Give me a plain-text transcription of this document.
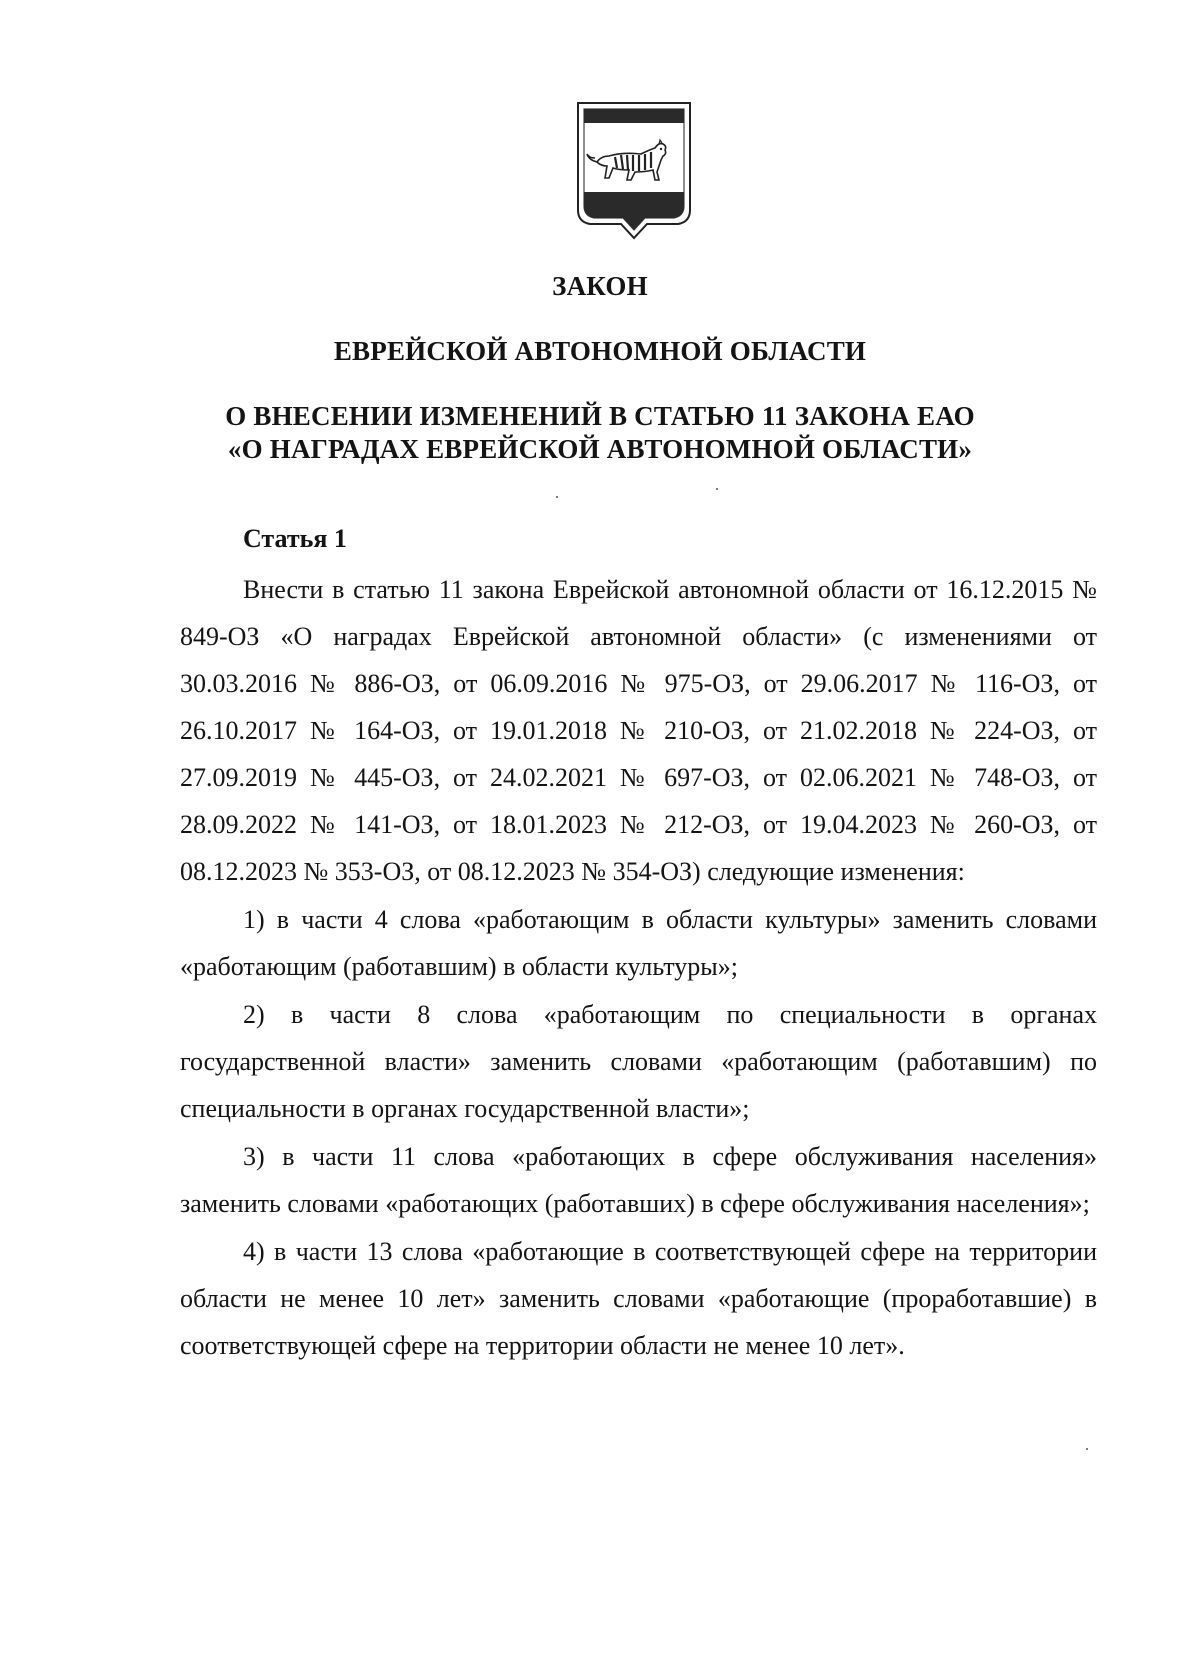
ЗАКОН
ЕВРЕЙСКОЙ АВТОНОМНОЙ ОБЛАСТИ
О ВНЕСЕНИИ ИЗМЕНЕНИЙ В СТАТЬЮ 11 ЗАКОНА ЕАО
«О НАГРАДАХ ЕВРЕЙСКОЙ АВТОНОМНОЙ ОБЛАСТИ»
Статья 1

Внести в статью 11 закона Еврейской автономной области от 16.12.2015 № 849-ОЗ «О наградах Еврейской автономной области» (с изменениями от 30.03.2016 № 886-ОЗ, от 06.09.2016 № 975-ОЗ, от 29.06.2017 № 116-ОЗ, от 26.10.2017 № 164-ОЗ, от 19.01.2018 № 210-ОЗ, от 21.02.2018 № 224-ОЗ, от 27.09.2019 № 445-ОЗ, от 24.02.2021 № 697-ОЗ, от 02.06.2021 № 748-ОЗ, от 28.09.2022 № 141-ОЗ, от 18.01.2023 № 212-ОЗ, от 19.04.2023 № 260-ОЗ, от 08.12.2023 № 353-ОЗ, от 08.12.2023 № 354-ОЗ) следующие изменения:

1) в части 4 слова «работающим в области культуры» заменить словами «работающим (работавшим) в области культуры»;

2) в части 8 слова «работающим по специальности в органах государственной власти» заменить словами «работающим (работавшим) по специальности в органах государственной власти»;

3) в части 11 слова «работающих в сфере обслуживания населения» заменить словами «работающих (работавших) в сфере обслуживания населения»;

4) в части 13 слова «работающие в соответствующей сфере на территории области не менее 10 лет» заменить словами «работающие (проработавшие) в соответствующей сфере на территории области не менее 10 лет».
